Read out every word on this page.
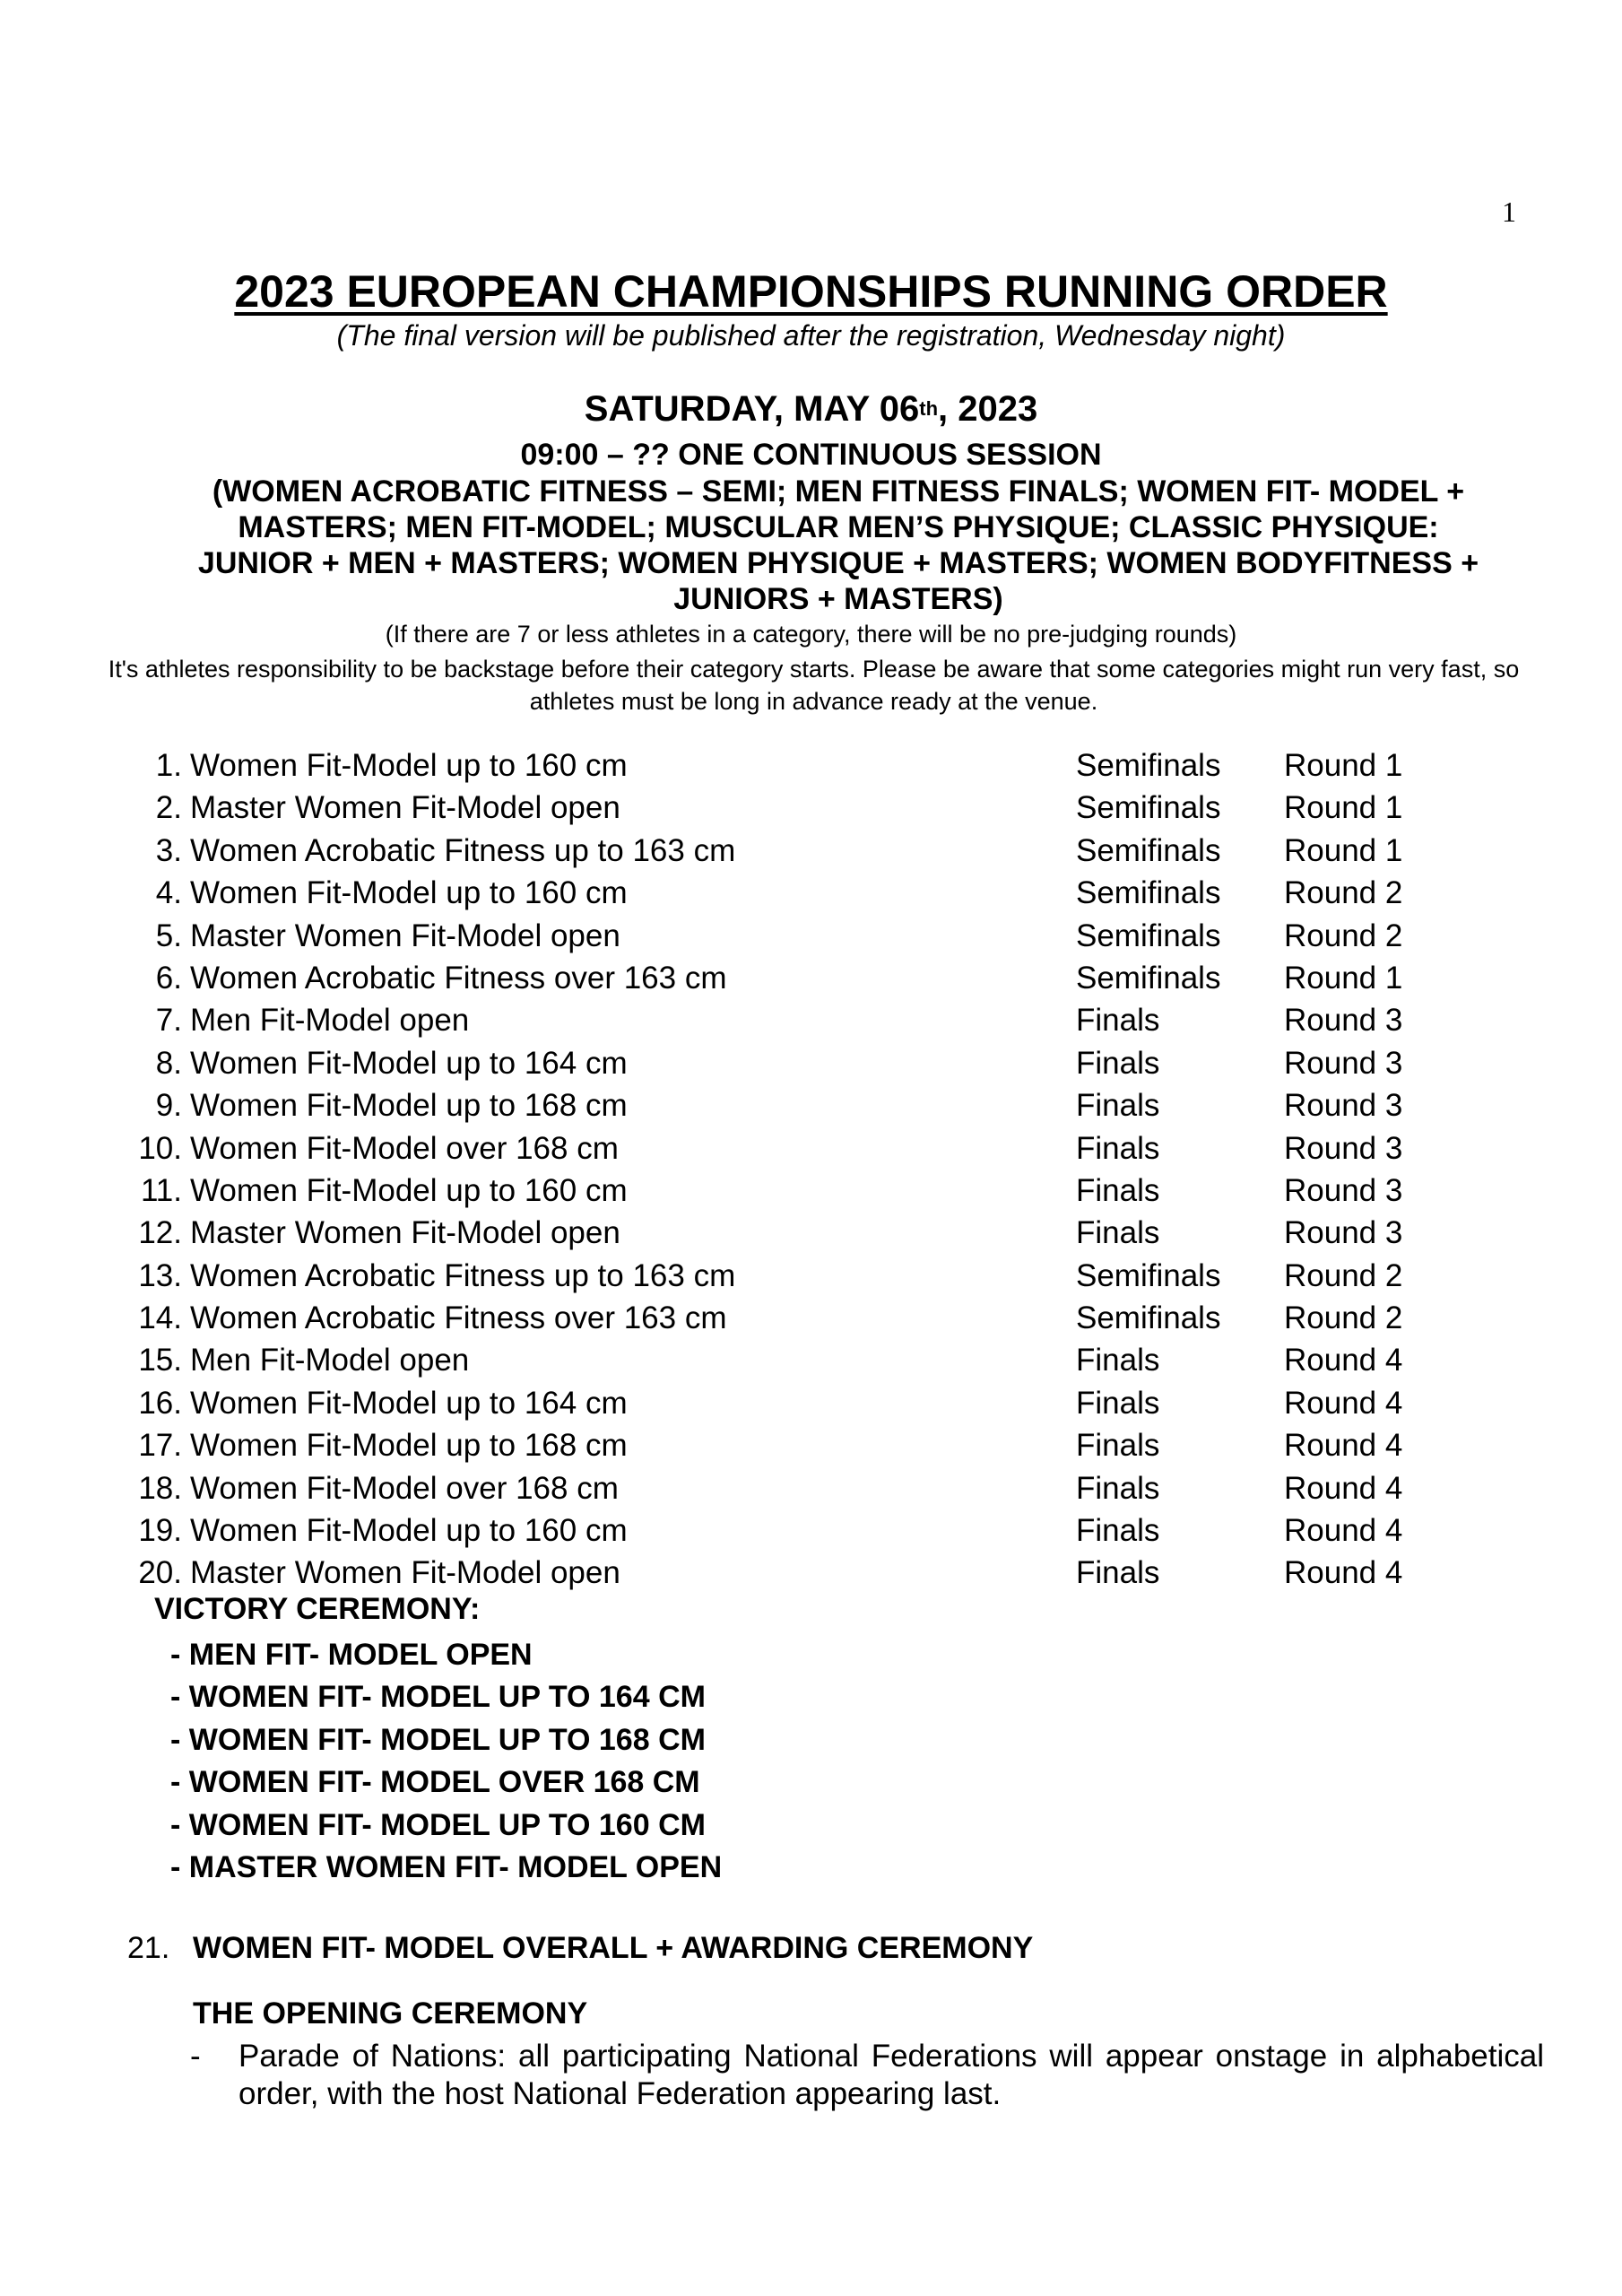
1
2023 EUROPEAN CHAMPIONSHIPS RUNNING ORDER
(The final version will be published after the registration, Wednesday night)
SATURDAY, MAY 06th, 2023
09:00 – ?? ONE CONTINUOUS SESSION
(WOMEN ACROBATIC FITNESS – SEMI; MEN FITNESS FINALS; WOMEN FIT- MODEL + MASTERS; MEN FIT-MODEL; MUSCULAR MEN’S PHYSIQUE; CLASSIC PHYSIQUE: JUNIOR + MEN + MASTERS; WOMEN PHYSIQUE + MASTERS; WOMEN BODYFITNESS + JUNIORS + MASTERS)
(If there are 7 or less athletes in a category, there will be no pre-judging rounds)
It's athletes responsibility to be backstage before their category starts. Please be aware that some categories might run very fast, so athletes must be long in advance ready at the venue.
1. Women Fit-Model up to 160 cm	Semifinals Round 1
2. Master Women Fit-Model open	Semifinals Round 1
3. Women Acrobatic Fitness up to 163 cm	Semifinals Round 1
4. Women Fit-Model up to 160 cm	Semifinals Round 2
5. Master Women Fit-Model open	Semifinals Round 2
6. Women Acrobatic Fitness over 163 cm	Semifinals Round 1
7. Men Fit-Model open	Finals	Round 3
8. Women Fit-Model up to 164 cm	Finals	Round 3
9. Women Fit-Model up to 168 cm	Finals	Round 3
10. Women Fit-Model over 168 cm	Finals	Round 3
11. Women Fit-Model up to 160 cm	Finals	Round 3
12. Master Women Fit-Model open	Finals	Round 3
13. Women Acrobatic Fitness up to 163 cm	Semifinals Round 2
14. Women Acrobatic Fitness over 163 cm	Semifinals Round 2
15. Men Fit-Model open	Finals	Round 4
16. Women Fit-Model up to 164 cm	Finals	Round 4
17. Women Fit-Model up to 168 cm	Finals	Round 4
18. Women Fit-Model over 168 cm	Finals	Round 4
19. Women Fit-Model up to 160 cm	Finals	Round 4
20. Master Women Fit-Model open	Finals	Round 4
VICTORY CEREMONY:
- MEN FIT- MODEL OPEN
- WOMEN FIT- MODEL UP TO 164 CM
- WOMEN FIT- MODEL UP TO 168 CM
- WOMEN FIT- MODEL OVER 168 CM
- WOMEN FIT- MODEL UP TO 160 CM
- MASTER WOMEN FIT- MODEL OPEN
21. WOMEN FIT- MODEL OVERALL + AWARDING CEREMONY
THE OPENING CEREMONY
- Parade of Nations: all participating National Federations will appear onstage in alphabetical order, with the host National Federation appearing last.
